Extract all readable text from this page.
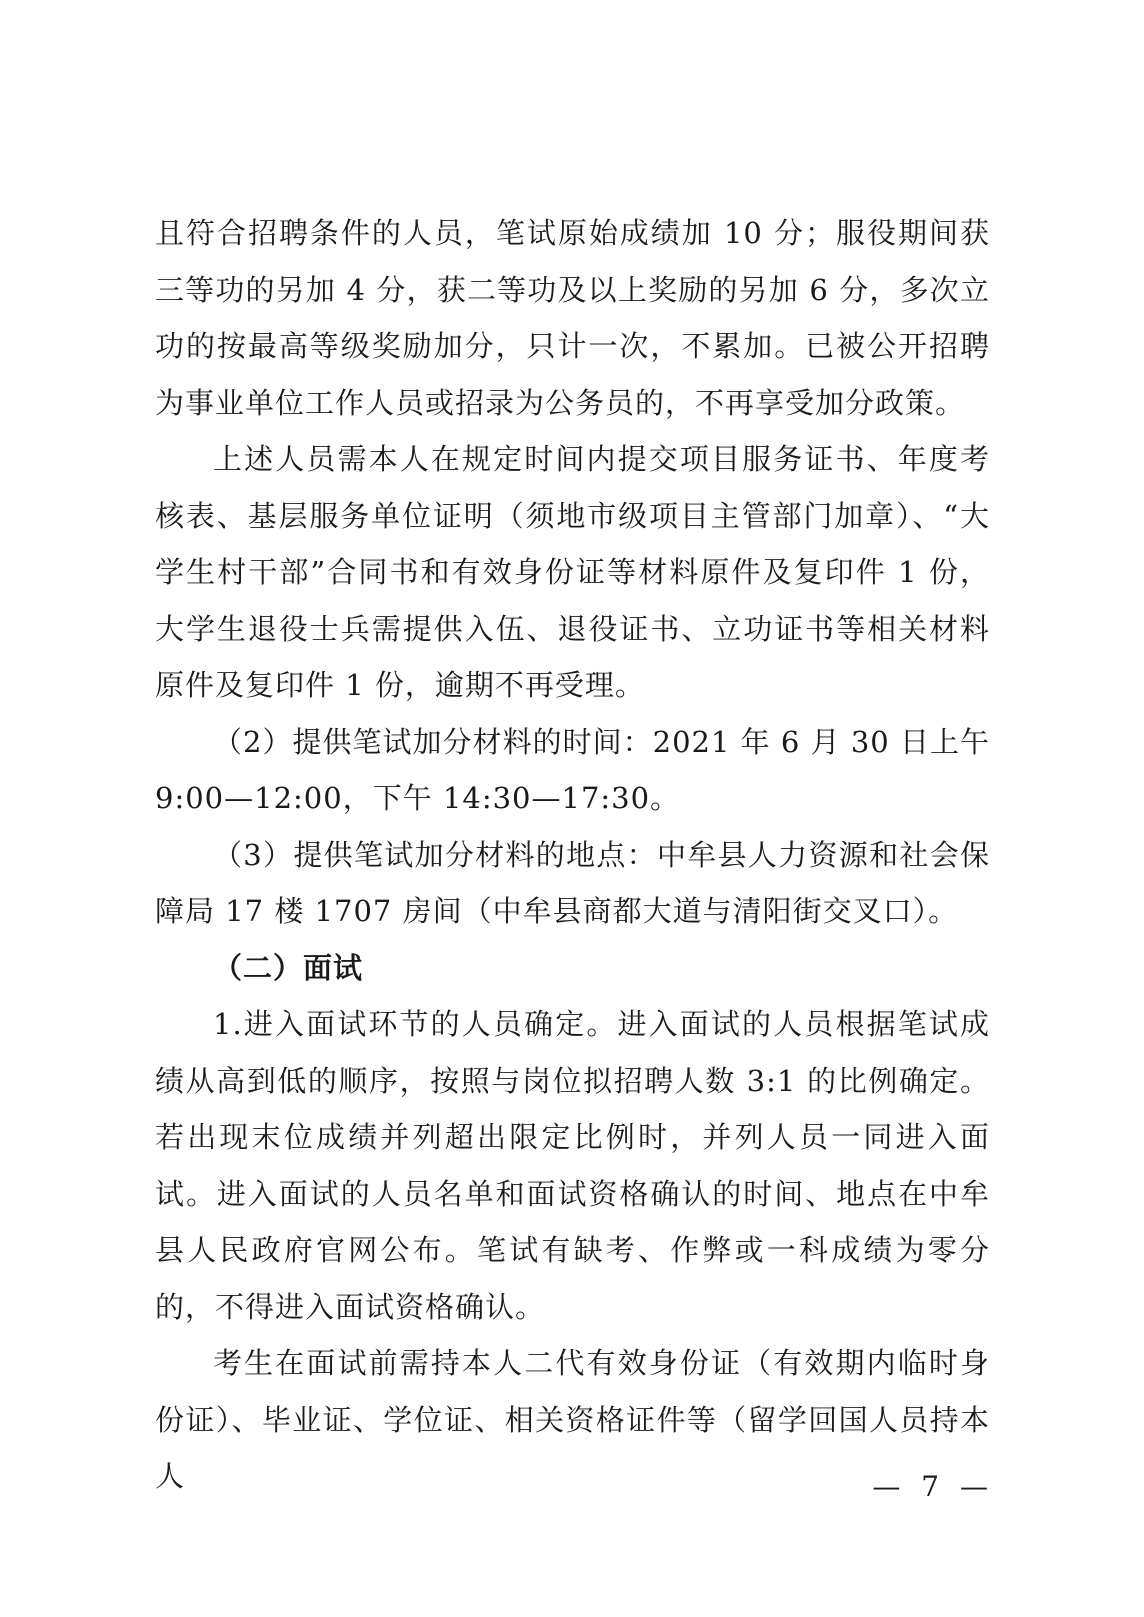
且符合招聘条件的人员，笔试原始成绩加 10 分；服役期间获三等功的另加 4 分，获二等功及以上奖励的另加 6 分，多次立功的按最高等级奖励加分，只计一次，不累加。已被公开招聘为事业单位工作人员或招录为公务员的，不再享受加分政策。

上述人员需本人在规定时间内提交项目服务证书、年度考核表、基层服务单位证明（须地市级项目主管部门加章）、“大学生村干部”合同书和有效身份证等材料原件及复印件 1 份，大学生退役士兵需提供入伍、退役证书、立功证书等相关材料原件及复印件 1 份，逾期不再受理。

（2）提供笔试加分材料的时间：2021 年 6 月 30 日上午 9:00—12:00，下午 14:30—17:30。

（3）提供笔试加分材料的地点：中牟县人力资源和社会保障局 17 楼 1707 房间（中牟县商都大道与清阳街交叉口）。

（二）面试

1.进入面试环节的人员确定。进入面试的人员根据笔试成绩从高到低的顺序，按照与岗位拟招聘人数 3:1 的比例确定。若出现末位成绩并列超出限定比例时，并列人员一同进入面试。进入面试的人员名单和面试资格确认的时间、地点在中牟县人民政府官网公布。笔试有缺考、作弊或一科成绩为零分的，不得进入面试资格确认。

考生在面试前需持本人二代有效身份证（有效期内临时身份证）、毕业证、学位证、相关资格证件等（留学回国人员持本人	— 7 —
